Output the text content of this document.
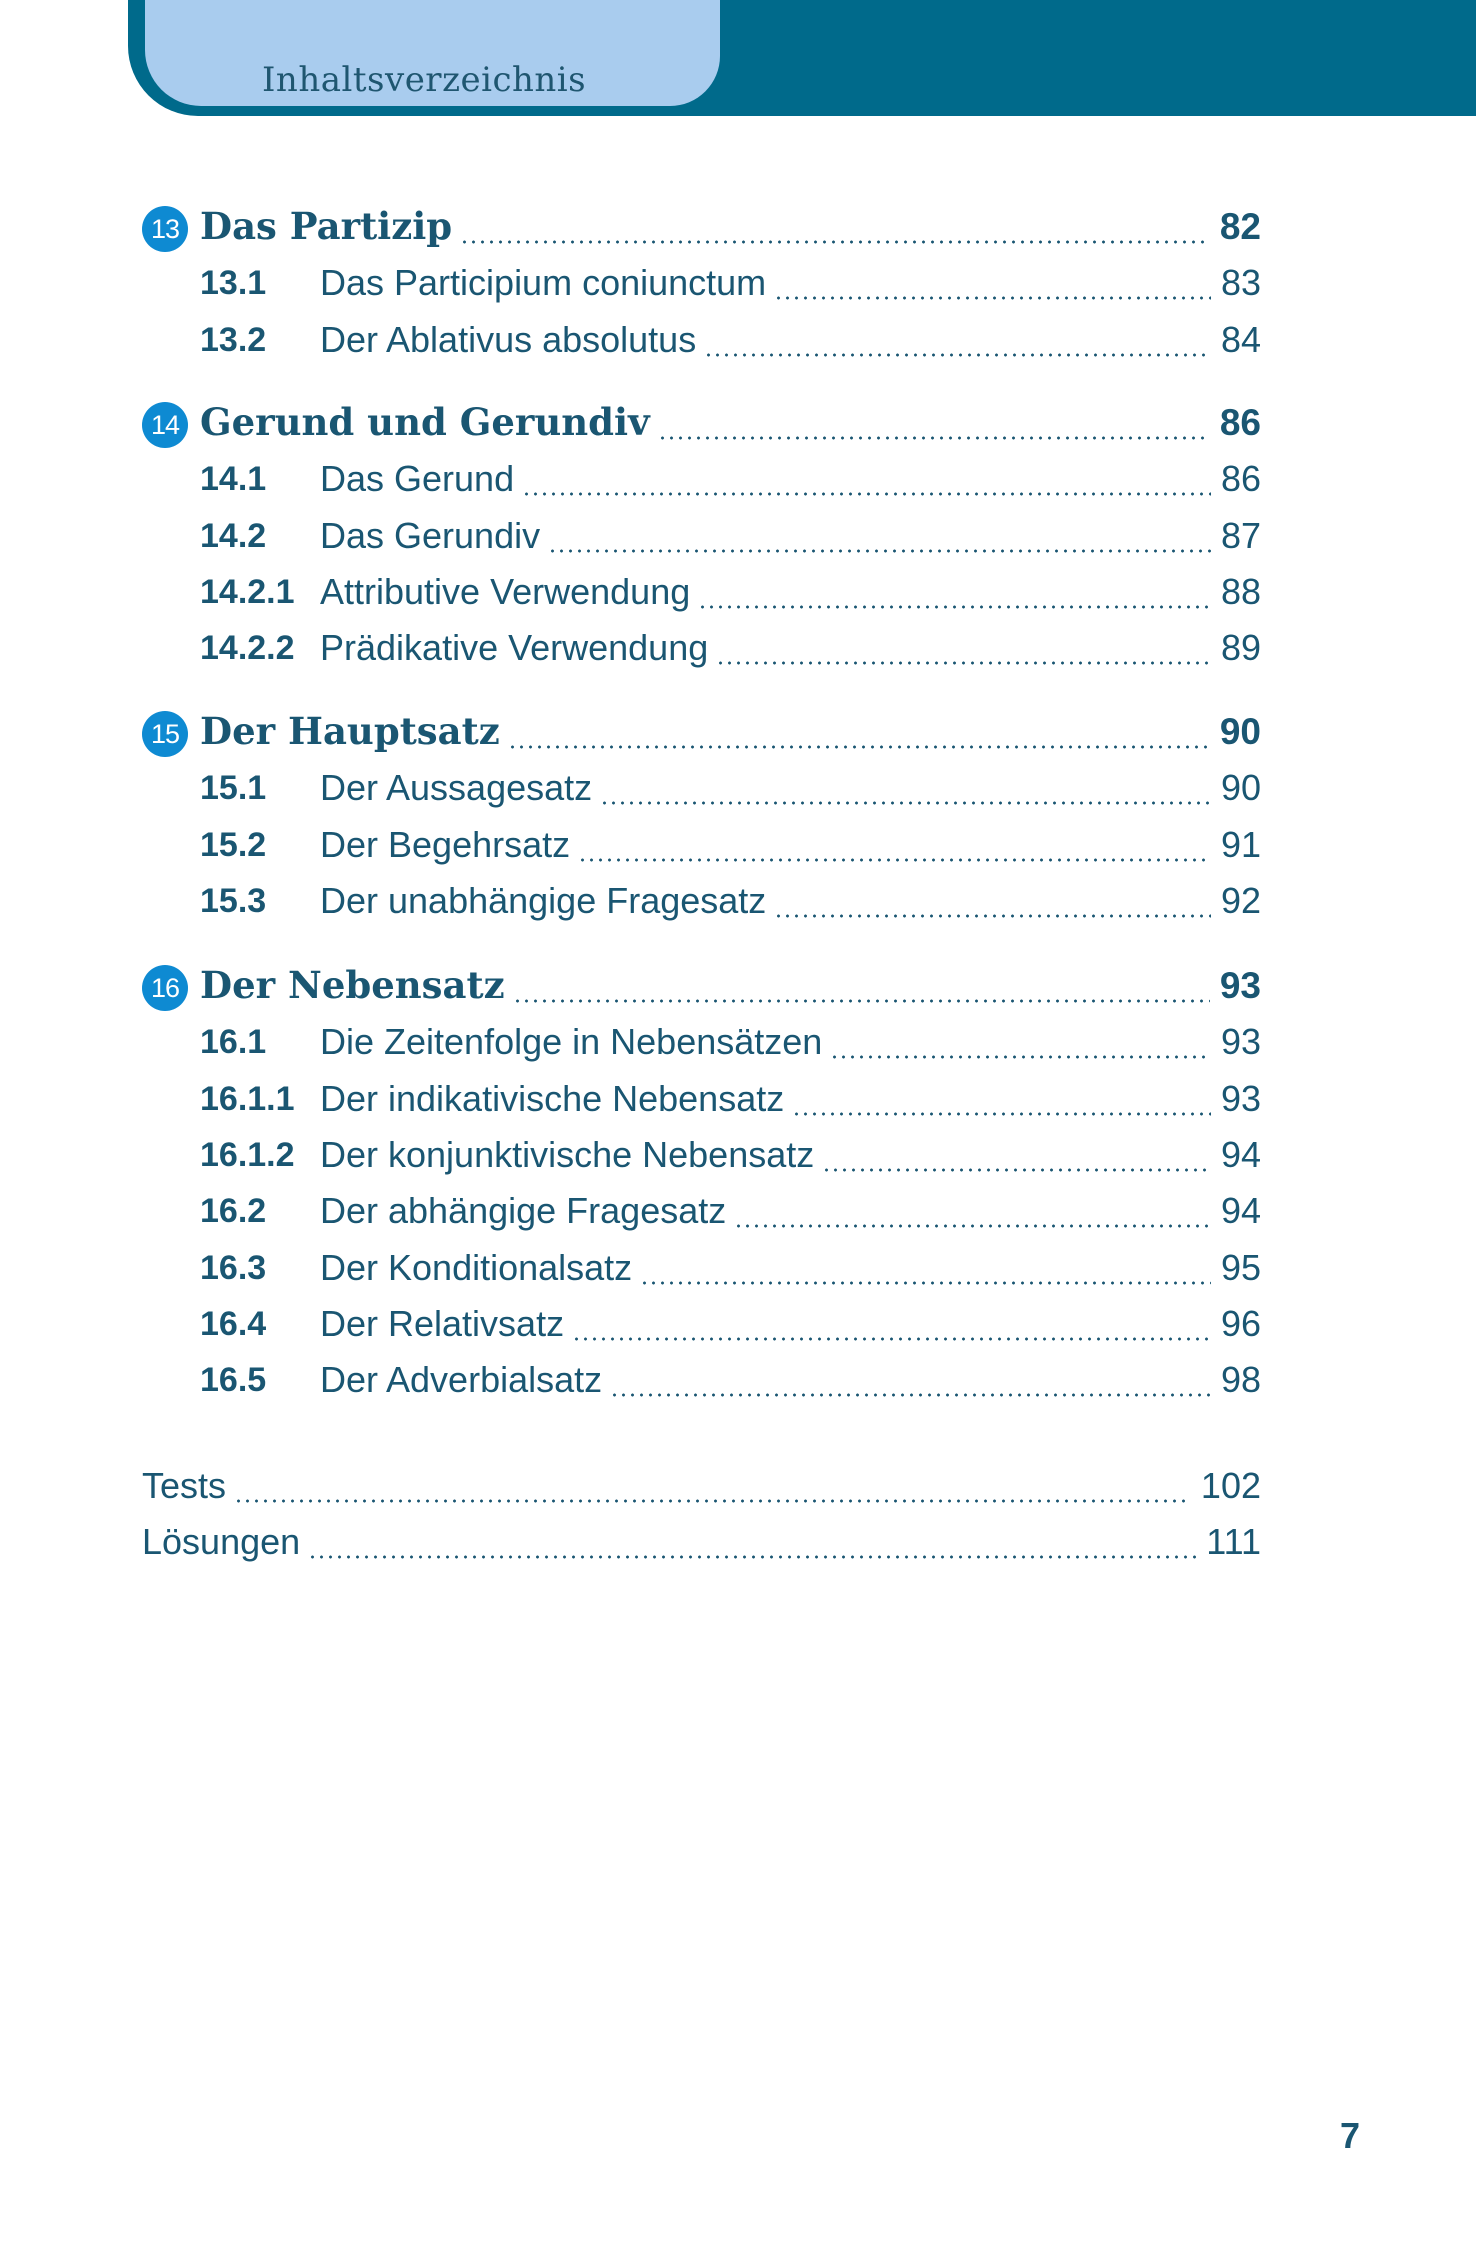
Inhaltsverzeichnis
13 Das Partizip	82
13.1 Das Participium coniunctum	83
13.2 Der Ablativus absolutus	84
14 Gerund und Gerundiv	86
14.1 Das Gerund	86
14.2 Das Gerundiv	87
14.2.1 Attributive Verwendung	88
14.2.2 Prädikative Verwendung	89
15 Der Hauptsatz	90
15.1 Der Aussagesatz	90
15.2 Der Begehrsatz	91
15.3 Der unabhängige Fragesatz	92
16 Der Nebensatz	93
16.1 Die Zeitenfolge in Nebensätzen	93
16.1.1 Der indikativische Nebensatz	93
16.1.2 Der konjunktivische Nebensatz	94
16.2 Der abhängige Fragesatz	94
16.3 Der Konditionalsatz	95
16.4 Der Relativsatz	96
16.5 Der Adverbialsatz	98
Tests	102
Lösungen	111
7
